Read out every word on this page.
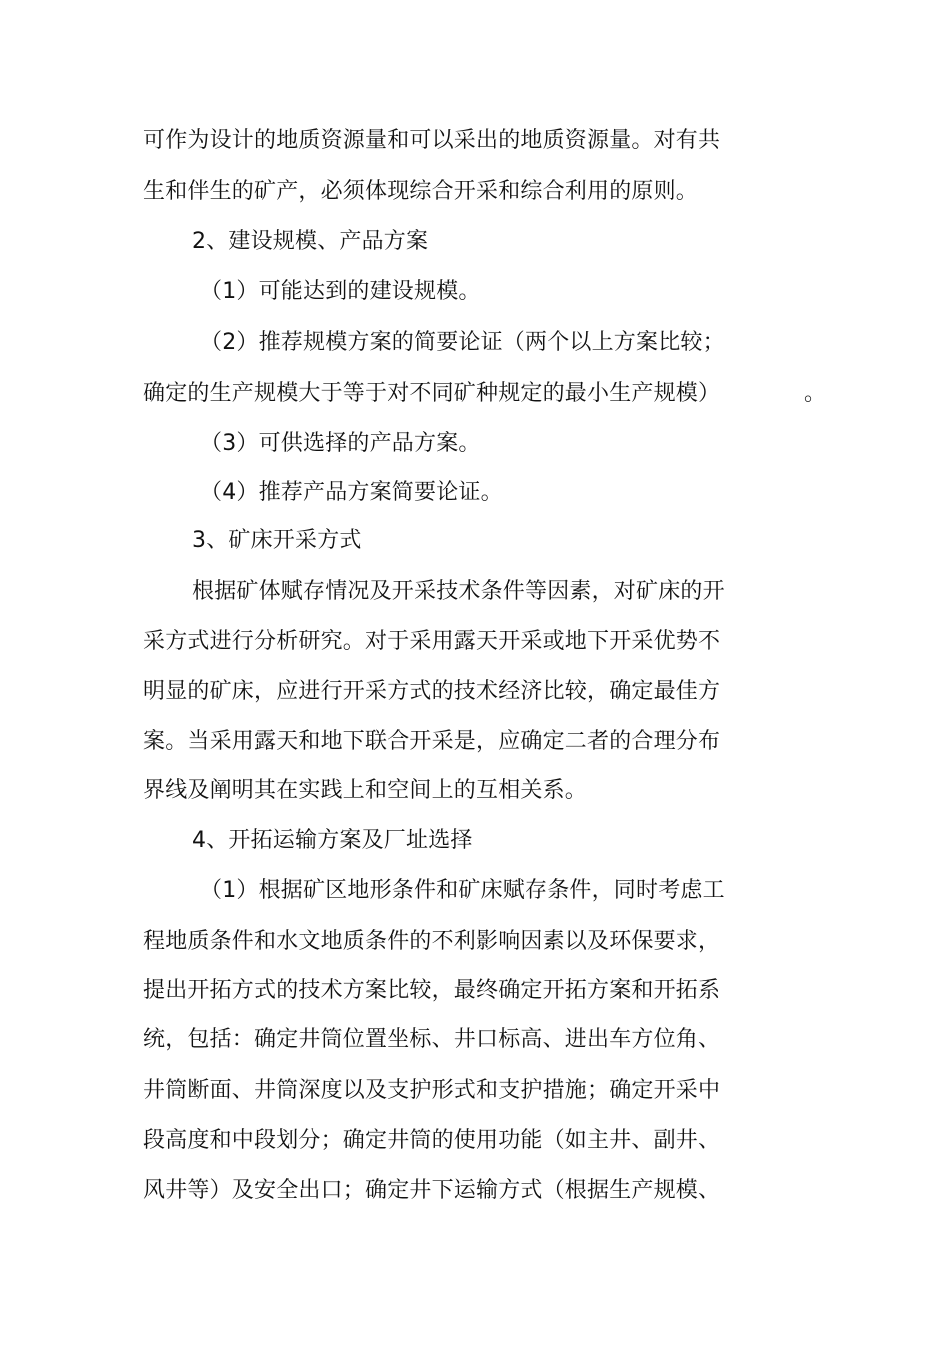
可作为设计的地质资源量和可以采出的地质资源量。对有共
生和伴生的矿产，必须体现综合开采和综合利用的原则。
2、建设规模、产品方案
（1）可能达到的建设规模。
（2）推荐规模方案的简要论证（两个以上方案比较；
确定的生产规模大于等于对不同矿种规定的最小生产规模）	。
（3）可供选择的产品方案。
（4）推荐产品方案简要论证。
3、矿床开采方式
根据矿体赋存情况及开采技术条件等因素，对矿床的开
采方式进行分析研究。对于采用露天开采或地下开采优势不
明显的矿床，应进行开采方式的技术经济比较，确定最佳方
案。当采用露天和地下联合开采是，应确定二者的合理分布
界线及阐明其在实践上和空间上的互相关系。
4、开拓运输方案及厂址选择
（1）根据矿区地形条件和矿床赋存条件，同时考虑工
程地质条件和水文地质条件的不利影响因素以及环保要求，
提出开拓方式的技术方案比较，最终确定开拓方案和开拓系
统，包括：确定井筒位置坐标、井口标高、进出车方位角、
井筒断面、井筒深度以及支护形式和支护措施；确定开采中
段高度和中段划分；确定井筒的使用功能（如主井、副井、
风井等）及安全出口；确定井下运输方式（根据生产规模、
